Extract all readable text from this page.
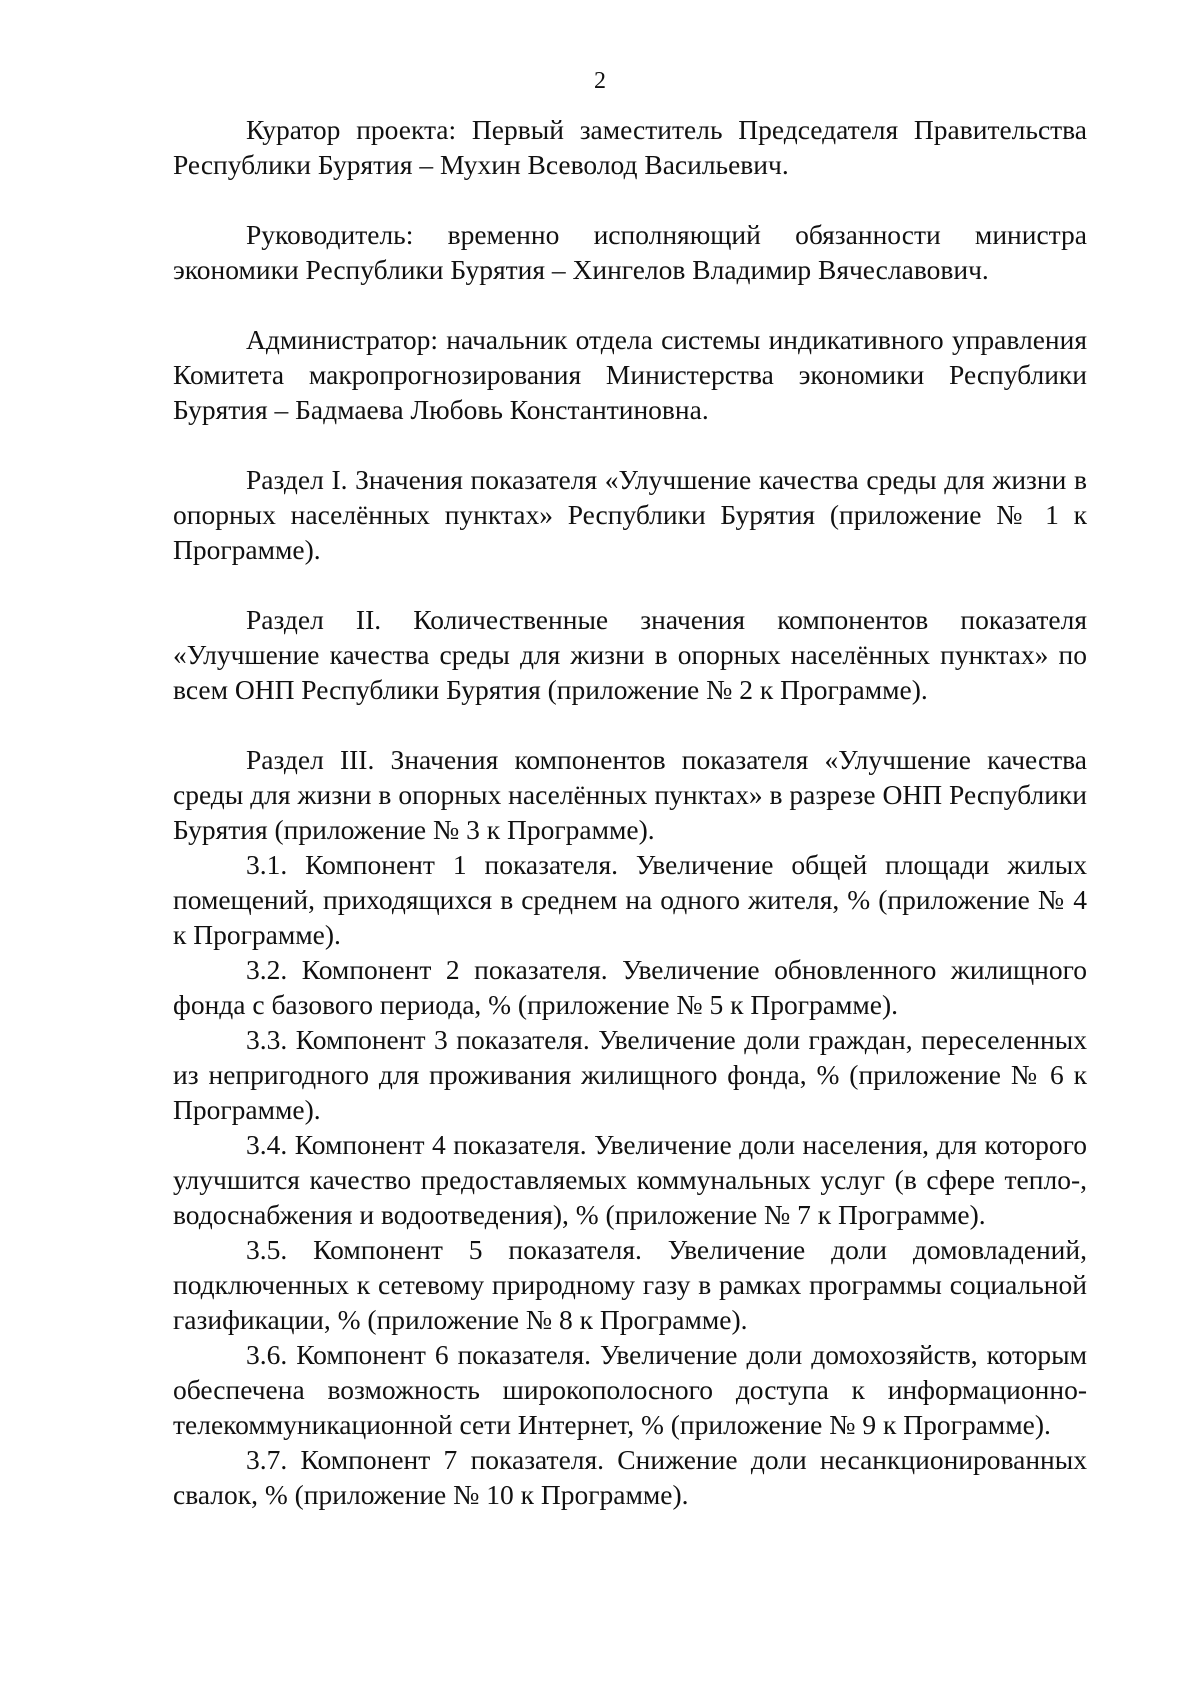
2

Куратор проекта: Первый заместитель Председателя Правительства Республики Бурятия – Мухин Всеволод Васильевич.

Руководитель: временно исполняющий обязанности министра экономики Республики Бурятия – Хингелов Владимир Вячеславович.

Администратор: начальник отдела системы индикативного управления Комитета макропрогнозирования Министерства экономики Республики Бурятия – Бадмаева Любовь Константиновна.

Раздел I. Значения показателя «Улучшение качества среды для жизни в опорных населённых пунктах» Республики Бурятия (приложение № 1 к Программе).

Раздел II. Количественные значения компонентов показателя «Улучшение качества среды для жизни в опорных населённых пунктах» по всем ОНП Республики Бурятия (приложение № 2 к Программе).

Раздел III. Значения компонентов показателя «Улучшение качества среды для жизни в опорных населённых пунктах» в разрезе ОНП Республики Бурятия (приложение № 3 к Программе).

3.1. Компонент 1 показателя. Увеличение общей площади жилых помещений, приходящихся в среднем на одного жителя, % (приложение № 4 к Программе).

3.2. Компонент 2 показателя. Увеличение обновленного жилищного фонда с базового периода, % (приложение № 5 к Программе).

3.3. Компонент 3 показателя. Увеличение доли граждан, переселенных из непригодного для проживания жилищного фонда, % (приложение № 6 к Программе).

3.4. Компонент 4 показателя. Увеличение доли населения, для которого улучшится качество предоставляемых коммунальных услуг (в сфере тепло-, водоснабжения и водоотведения), % (приложение № 7 к Программе).

3.5. Компонент 5 показателя. Увеличение доли домовладений, подключенных к сетевому природному газу в рамках программы социальной газификации, % (приложение № 8 к Программе).

3.6. Компонент 6 показателя. Увеличение доли домохозяйств, которым обеспечена возможность широкополосного доступа к информационно-телекоммуникационной сети Интернет, % (приложение № 9 к Программе).

3.7. Компонент 7 показателя. Снижение доли несанкционированных свалок, % (приложение № 10 к Программе).
